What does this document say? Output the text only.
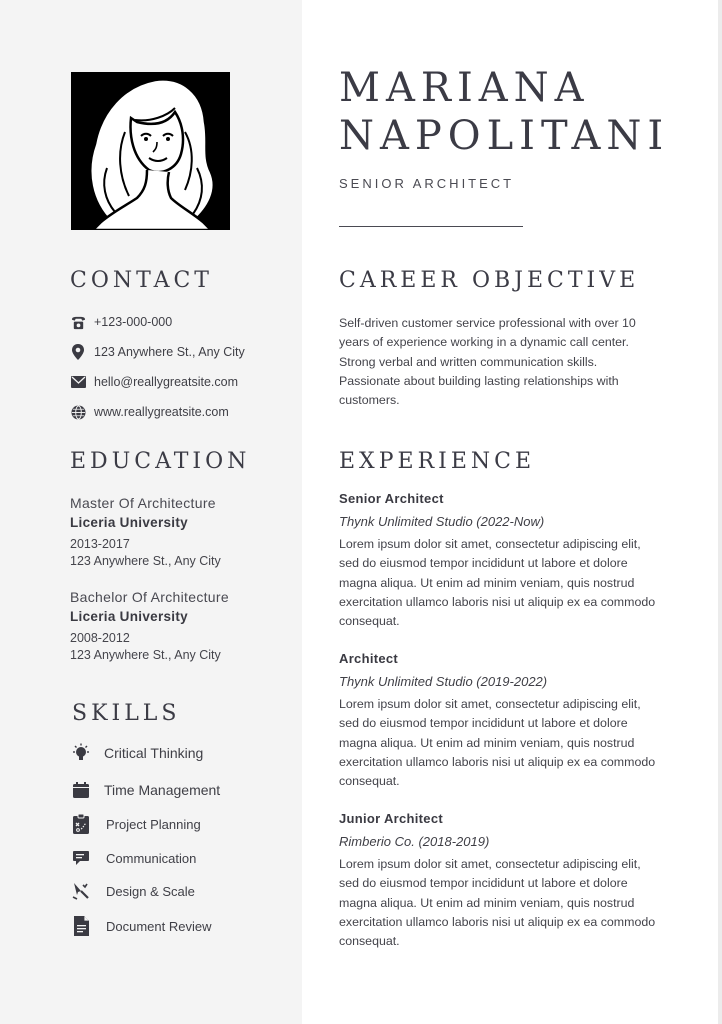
MARIANA
NAPOLITANI
SENIOR ARCHITECT
CONTACT
+123-000-000
123 Anywhere St., Any City
hello@reallygreatsite.com
www.reallygreatsite.com
EDUCATION
Master Of Architecture
Liceria University
2013-2017
123 Anywhere St., Any City
Bachelor Of Architecture
Liceria University
2008-2012
123 Anywhere St., Any City
SKILLS
Critical Thinking
Time Management
Project Planning
Communication
Design & Scale
Document Review
CAREER OBJECTIVE
Self-driven customer service professional with over 10 years of experience working in a dynamic call center. Strong verbal and written communication skills. Passionate about building lasting relationships with customers.
EXPERIENCE
Senior Architect
Thynk Unlimited Studio (2022-Now)
Lorem ipsum dolor sit amet, consectetur adipiscing elit, sed do eiusmod tempor incididunt ut labore et dolore magna aliqua. Ut enim ad minim veniam, quis nostrud exercitation ullamco laboris nisi ut aliquip ex ea commodo consequat.
Architect
Thynk Unlimited Studio (2019-2022)
Lorem ipsum dolor sit amet, consectetur adipiscing elit, sed do eiusmod tempor incididunt ut labore et dolore magna aliqua. Ut enim ad minim veniam, quis nostrud exercitation ullamco laboris nisi ut aliquip ex ea commodo consequat.
Junior Architect
Rimberio Co. (2018-2019)
Lorem ipsum dolor sit amet, consectetur adipiscing elit, sed do eiusmod tempor incididunt ut labore et dolore magna aliqua. Ut enim ad minim veniam, quis nostrud exercitation ullamco laboris nisi ut aliquip ex ea commodo consequat.
